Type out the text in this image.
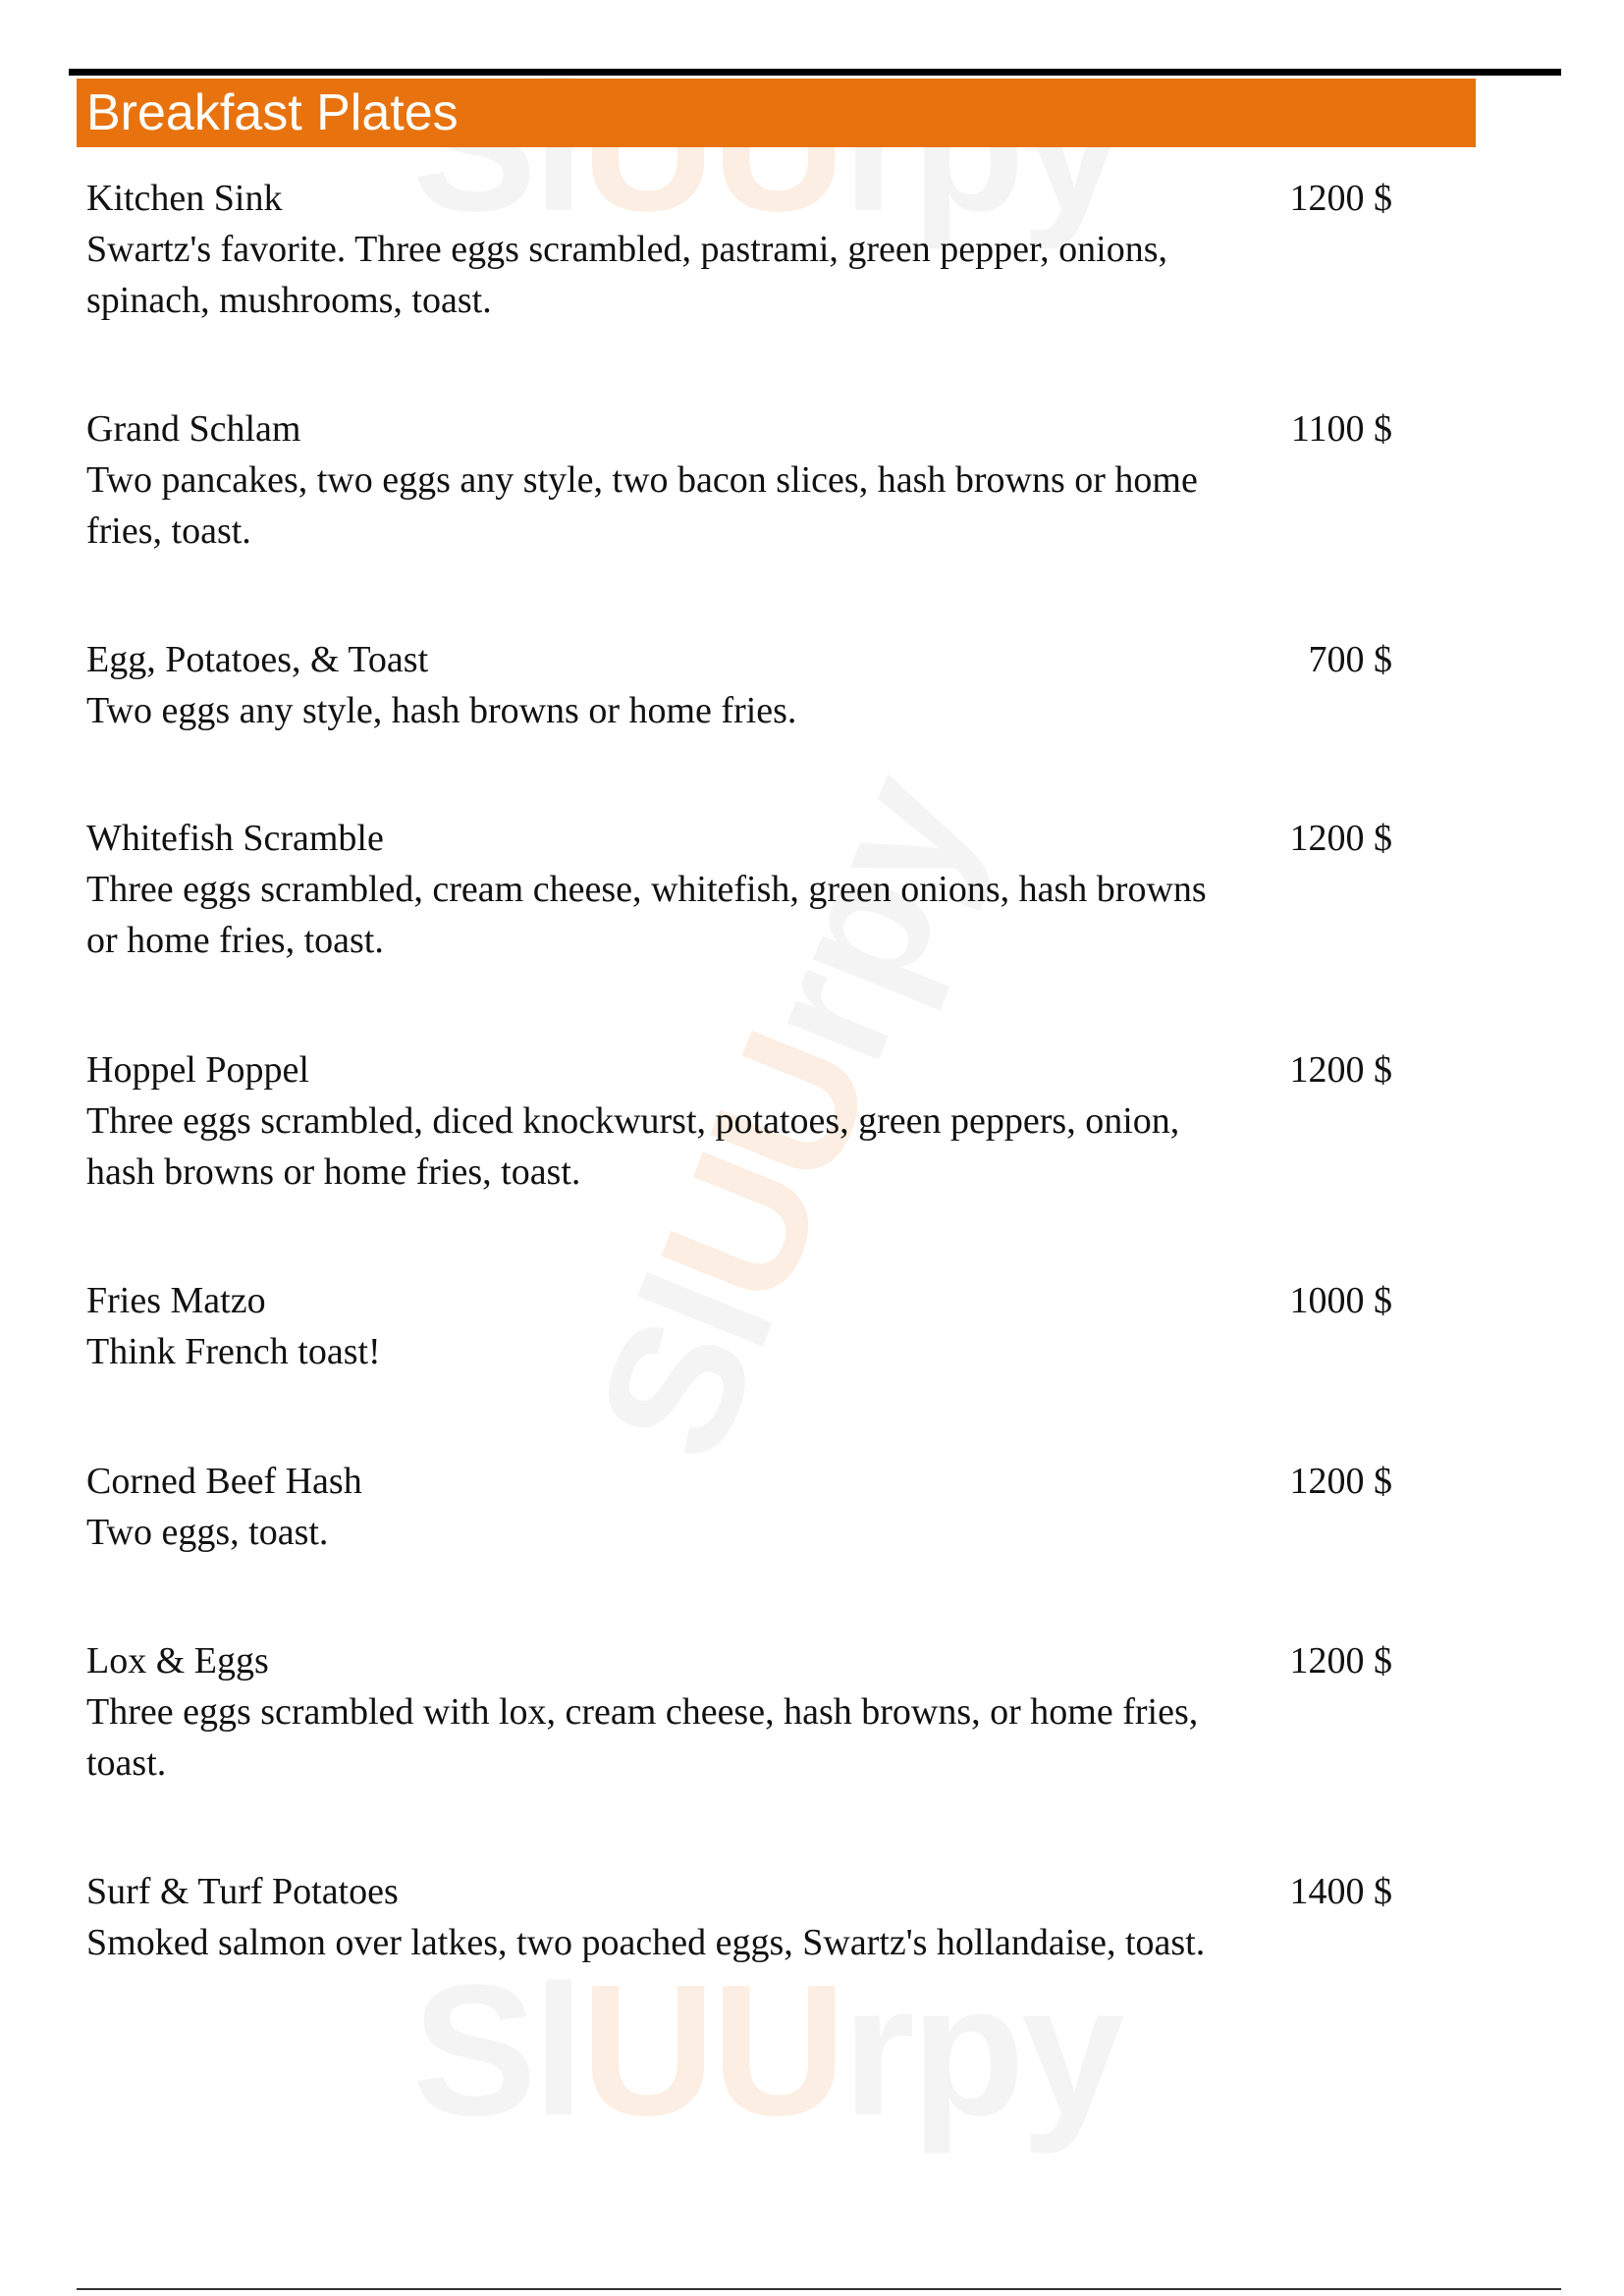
SlUUrpy
SlUUrpy
Breakfast Plates
Kitchen Sink	1200 $
Swartz's favorite. Three eggs scrambled, pastrami, green pepper, onions, spinach, mushrooms, toast.
Grand Schlam	1100 $
Two pancakes, two eggs any style, two bacon slices, hash browns or home fries, toast.
Egg, Potatoes, & Toast	700 $
Two eggs any style, hash browns or home fries.
Whitefish Scramble	1200 $
Three eggs scrambled, cream cheese, whitefish, green onions, hash browns or home fries, toast.
Hoppel Poppel	1200 $
Three eggs scrambled, diced knockwurst, potatoes, green peppers, onion, hash browns or home fries, toast.
Fries Matzo	1000 $
Think French toast!
Corned Beef Hash	1200 $
Two eggs, toast.
Lox & Eggs	1200 $
Three eggs scrambled with lox, cream cheese, hash browns, or home fries, toast.
Surf & Turf Potatoes	1400 $
Smoked salmon over latkes, two poached eggs, Swartz's hollandaise, toast.
